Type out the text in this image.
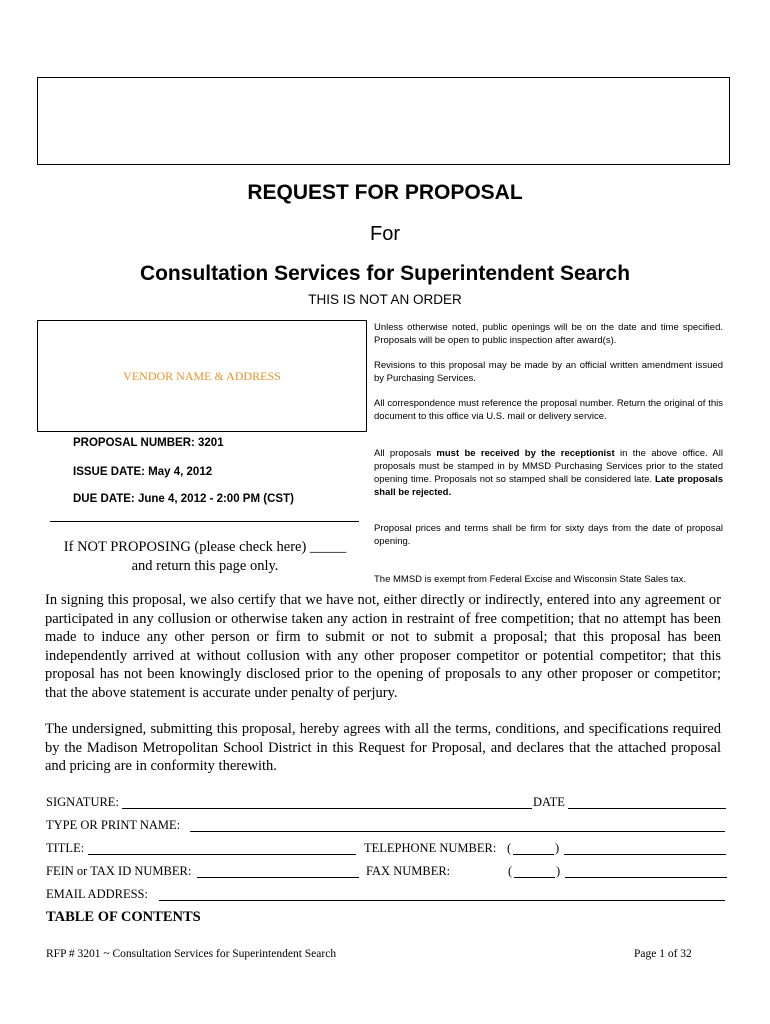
REQUEST FOR PROPOSAL
For
Consultation Services for Superintendent Search
THIS IS NOT AN ORDER
VENDOR NAME & ADDRESS
PROPOSAL NUMBER: 3201
ISSUE DATE: May 4, 2012
DUE DATE: June 4, 2012 - 2:00 PM (CST)
If NOT PROPOSING (please check here) _____
and return this page only.
Unless otherwise noted, public openings will be on the date and time specified. Proposals will be open to public inspection after award(s).
Revisions to this proposal may be made by an official written amendment issued by Purchasing Services.
All correspondence must reference the proposal number. Return the original of this document to this office via U.S. mail or delivery service.
All proposals must be received by the receptionist in the above office. All proposals must be stamped in by MMSD Purchasing Services prior to the stated opening time. Proposals not so stamped shall be considered late. Late proposals shall be rejected.
Proposal prices and terms shall be firm for sixty days from the date of proposal opening.
The MMSD is exempt from Federal Excise and Wisconsin State Sales tax.
In signing this proposal, we also certify that we have not, either directly or indirectly, entered into any agreement or participated in any collusion or otherwise taken any action in restraint of free competition; that no attempt has been made to induce any other person or firm to submit or not to submit a proposal; that this proposal has been independently arrived at without collusion with any other proposer competitor or potential competitor; that this proposal has not been knowingly disclosed prior to the opening of proposals to any other proposer or competitor; that the above statement is accurate under penalty of perjury.
The undersigned, submitting this proposal, hereby agrees with all the terms, conditions, and specifications required by the Madison Metropolitan School District in this Request for Proposal, and declares that the attached proposal and pricing are in conformity therewith.
SIGNATURE:	DATE
TYPE OR PRINT NAME:
TITLE:	TELEPHONE NUMBER: (	)
FEIN or TAX ID NUMBER:	FAX NUMBER:	(	)
EMAIL ADDRESS:
TABLE OF CONTENTS
RFP # 3201 ~ Consultation Services for Superintendent Search	Page 1 of 32
